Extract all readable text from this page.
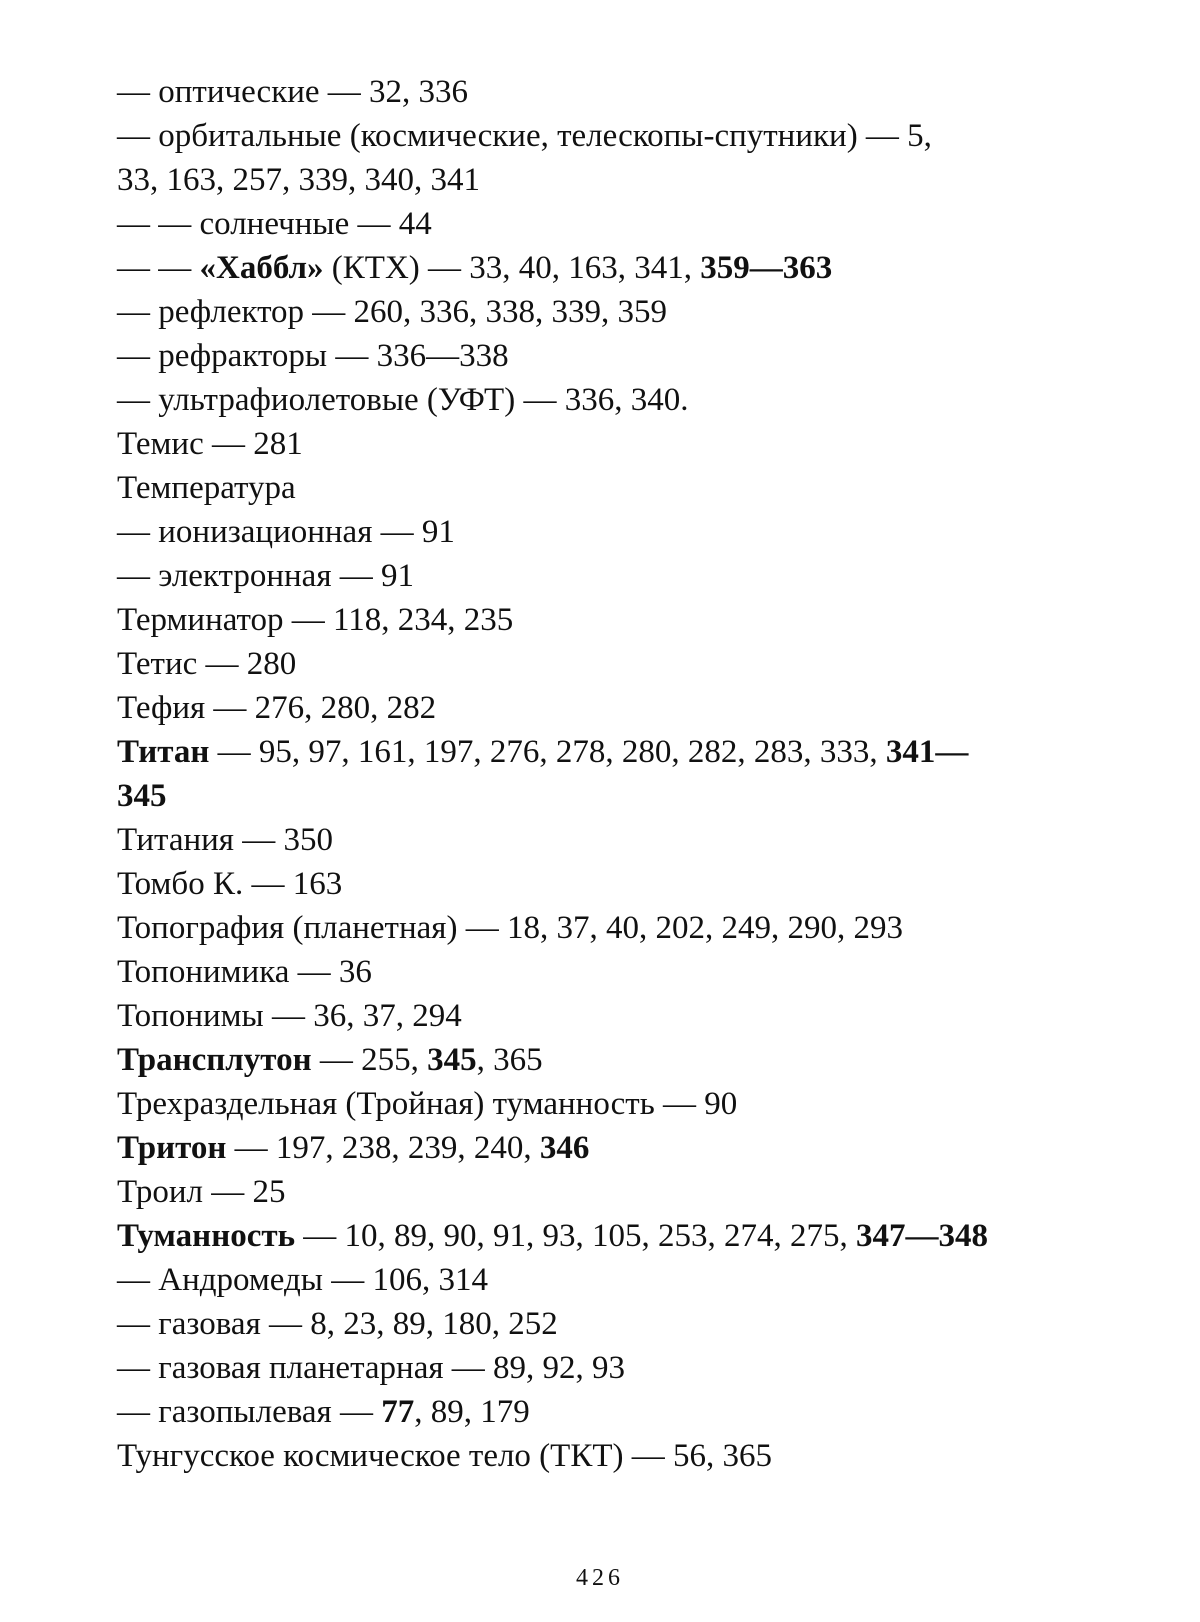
— оптические — 32, 336
— орбитальные (космические, телескопы-спутники) — 5,
33, 163, 257, 339, 340, 341
— — солнечные — 44
— — «Хаббл» (КТХ) — 33, 40, 163, 341, 359—363
— рефлектор — 260, 336, 338, 339, 359
— рефракторы — 336—338
— ультрафиолетовые (УФТ) — 336, 340.
Темис — 281
Температура
— ионизационная — 91
— электронная — 91
Терминатор — 118, 234, 235
Тетис — 280
Тефия — 276, 280, 282
Титан — 95, 97, 161, 197, 276, 278, 280, 282, 283, 333, 341—
345
Титания — 350
Томбо К. — 163
Топография (планетная) — 18, 37, 40, 202, 249, 290, 293
Топонимика — 36
Топонимы — 36, 37, 294
Трансплутон — 255, 345, 365
Трехраздельная (Тройная) туманность — 90
Тритон — 197, 238, 239, 240, 346
Троил — 25
Туманность — 10, 89, 90, 91, 93, 105, 253, 274, 275, 347—348
— Андромеды — 106, 314
— газовая — 8, 23, 89, 180, 252
— газовая планетарная — 89, 92, 93
— газопылевая — 77, 89, 179
Тунгусское космическое тело (ТКТ) — 56, 365
426
